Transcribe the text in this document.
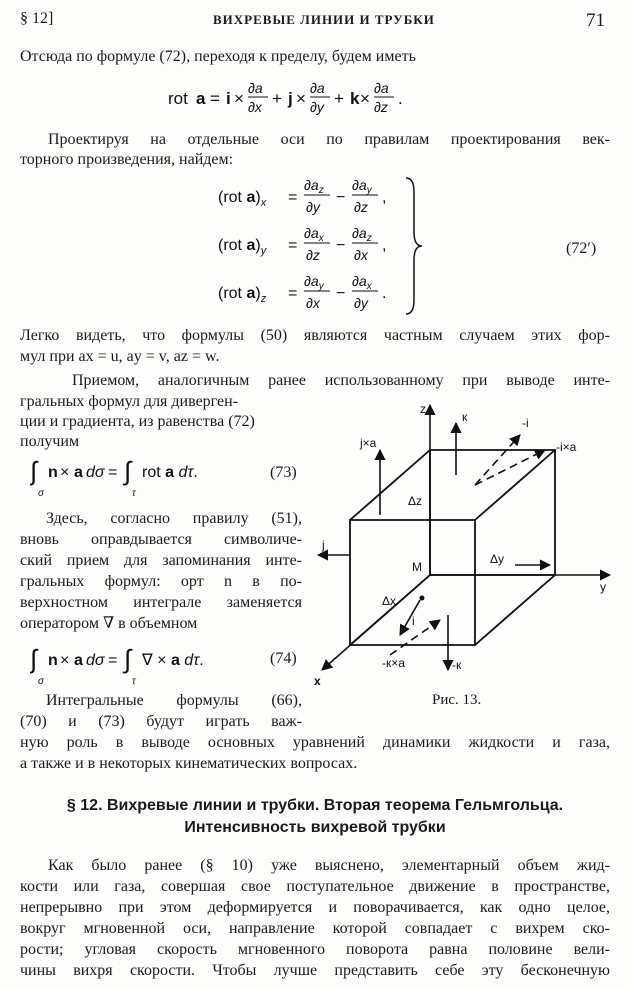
§ 12]	ВИХРЕВЫЕ ЛИНИИ И ТРУБКИ	71
Отсюда по формуле (72), переходя к пределу, будем иметь
rot a = i ×
∂a
∂x + j ×
∂a
∂y + k ×
∂a
∂z .
Проектируя на отдельные оси по правилам проектирования век-
торного произведения, найдем:
(rot $a)_x$ =
$\partial a_z$
∂y
−
$\partial a_y$
∂z
,
(rot $a)_y$ =
$\partial a_x$
∂z
−
$\partial a_z$
∂x
,
(rot $a)_z$ =
$\partial a_y$
∂x
−
$\partial a_x$
∂y
.
(72′)
Легко видеть, что формулы (50) являются частным случаем этих фор-
мул при ax = u, ay = v, az = w.
Приемом, аналогичным ранее использованному при выводе инте-
гральных формул для диверген-
ции и градиента, из равенства (72)
получим
∫
σ
n × a dσ = ∫
τ
rot a dτ.	(73)
Здесь, согласно правилу (51),
вновь оправдывается символиче-
ский прием для запоминания инте-
гральных формул: орт n в по-
верхностном интеграле заменяется
оператором ∇ в объемном
∫
σ
n × a dσ = ∫
τ
∇ × a dτ.	(74)
Интегральные формулы (66),
(70) и (73) будут играть важ-
ную роль в выводе основных уравнений динамики жидкости и газа,
а также и в некоторых кинематических вопросах.
z
к
j×a
-i
-i×a
Δz
j
Δy
y
M
Δx
i
-к×a	-к
x
Рис. 13.
§ 12. Вихревые линии и трубки. Вторая теорема Гельмгольца.
Интенсивность вихревой трубки
Как было ранее (§ 10) уже выяснено, элементарный объем жид-
кости или газа, совершая свое поступательное движение в пространстве,
непрерывно при этом деформируется и поворачивается, как одно целое,
вокруг мгновенной оси, направление которой совпадает с вихрем ско-
рости; угловая скорость мгновенного поворота равна половине вели-
чины вихря скорости. Чтобы лучше представить себе эту бесконечную
